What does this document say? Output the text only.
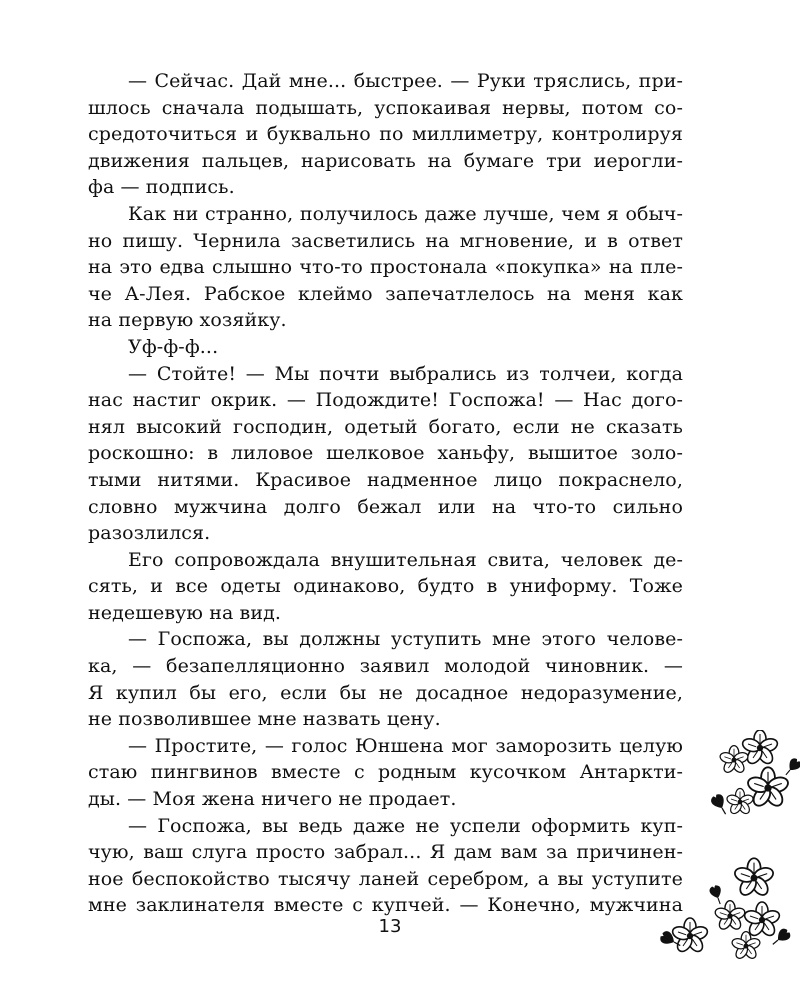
— Сейчас. Дай мне... быстрее. — Руки тряслись, при-
шлось сначала подышать, успокаивая нервы, потом со-
средоточиться и буквально по миллиметру, контролируя
движения пальцев, нарисовать на бумаге три иерогли-
фа — подпись.
Как ни странно, получилось даже лучше, чем я обыч-
но пишу. Чернила засветились на мгновение, и в ответ
на это едва слышно что-то простонала «покупка» на пле-
че А-Лея. Рабское клеймо запечатлелось на меня как
на первую хозяйку.
Уф-ф-ф...
— Стойте! — Мы почти выбрались из толчеи, когда
нас настиг окрик. — Подождите! Госпожа! — Нас дого-
нял высокий господин, одетый богато, если не сказать
роскошно: в лиловое шелковое ханьфу, вышитое золо-
тыми нитями. Красивое надменное лицо покраснело,
словно мужчина долго бежал или на что-то сильно
разозлился.
Его сопровождала внушительная свита, человек де-
сять, и все одеты одинаково, будто в униформу. Тоже
недешевую на вид.
— Госпожа, вы должны уступить мне этого челове-
ка, — безапелляционно заявил молодой чиновник. —
Я купил бы его, если бы не досадное недоразумение,
не позволившее мне назвать цену.
— Простите, — голос Юншена мог заморозить целую
стаю пингвинов вместе с родным кусочком Антаркти-
ды. — Моя жена ничего не продает.
— Госпожа, вы ведь даже не успели оформить куп-
чую, ваш слуга просто забрал... Я дам вам за причинен-
ное беспокойство тысячу ланей серебром, а вы уступите
мне заклинателя вместе с купчей. — Конечно, мужчина
13
